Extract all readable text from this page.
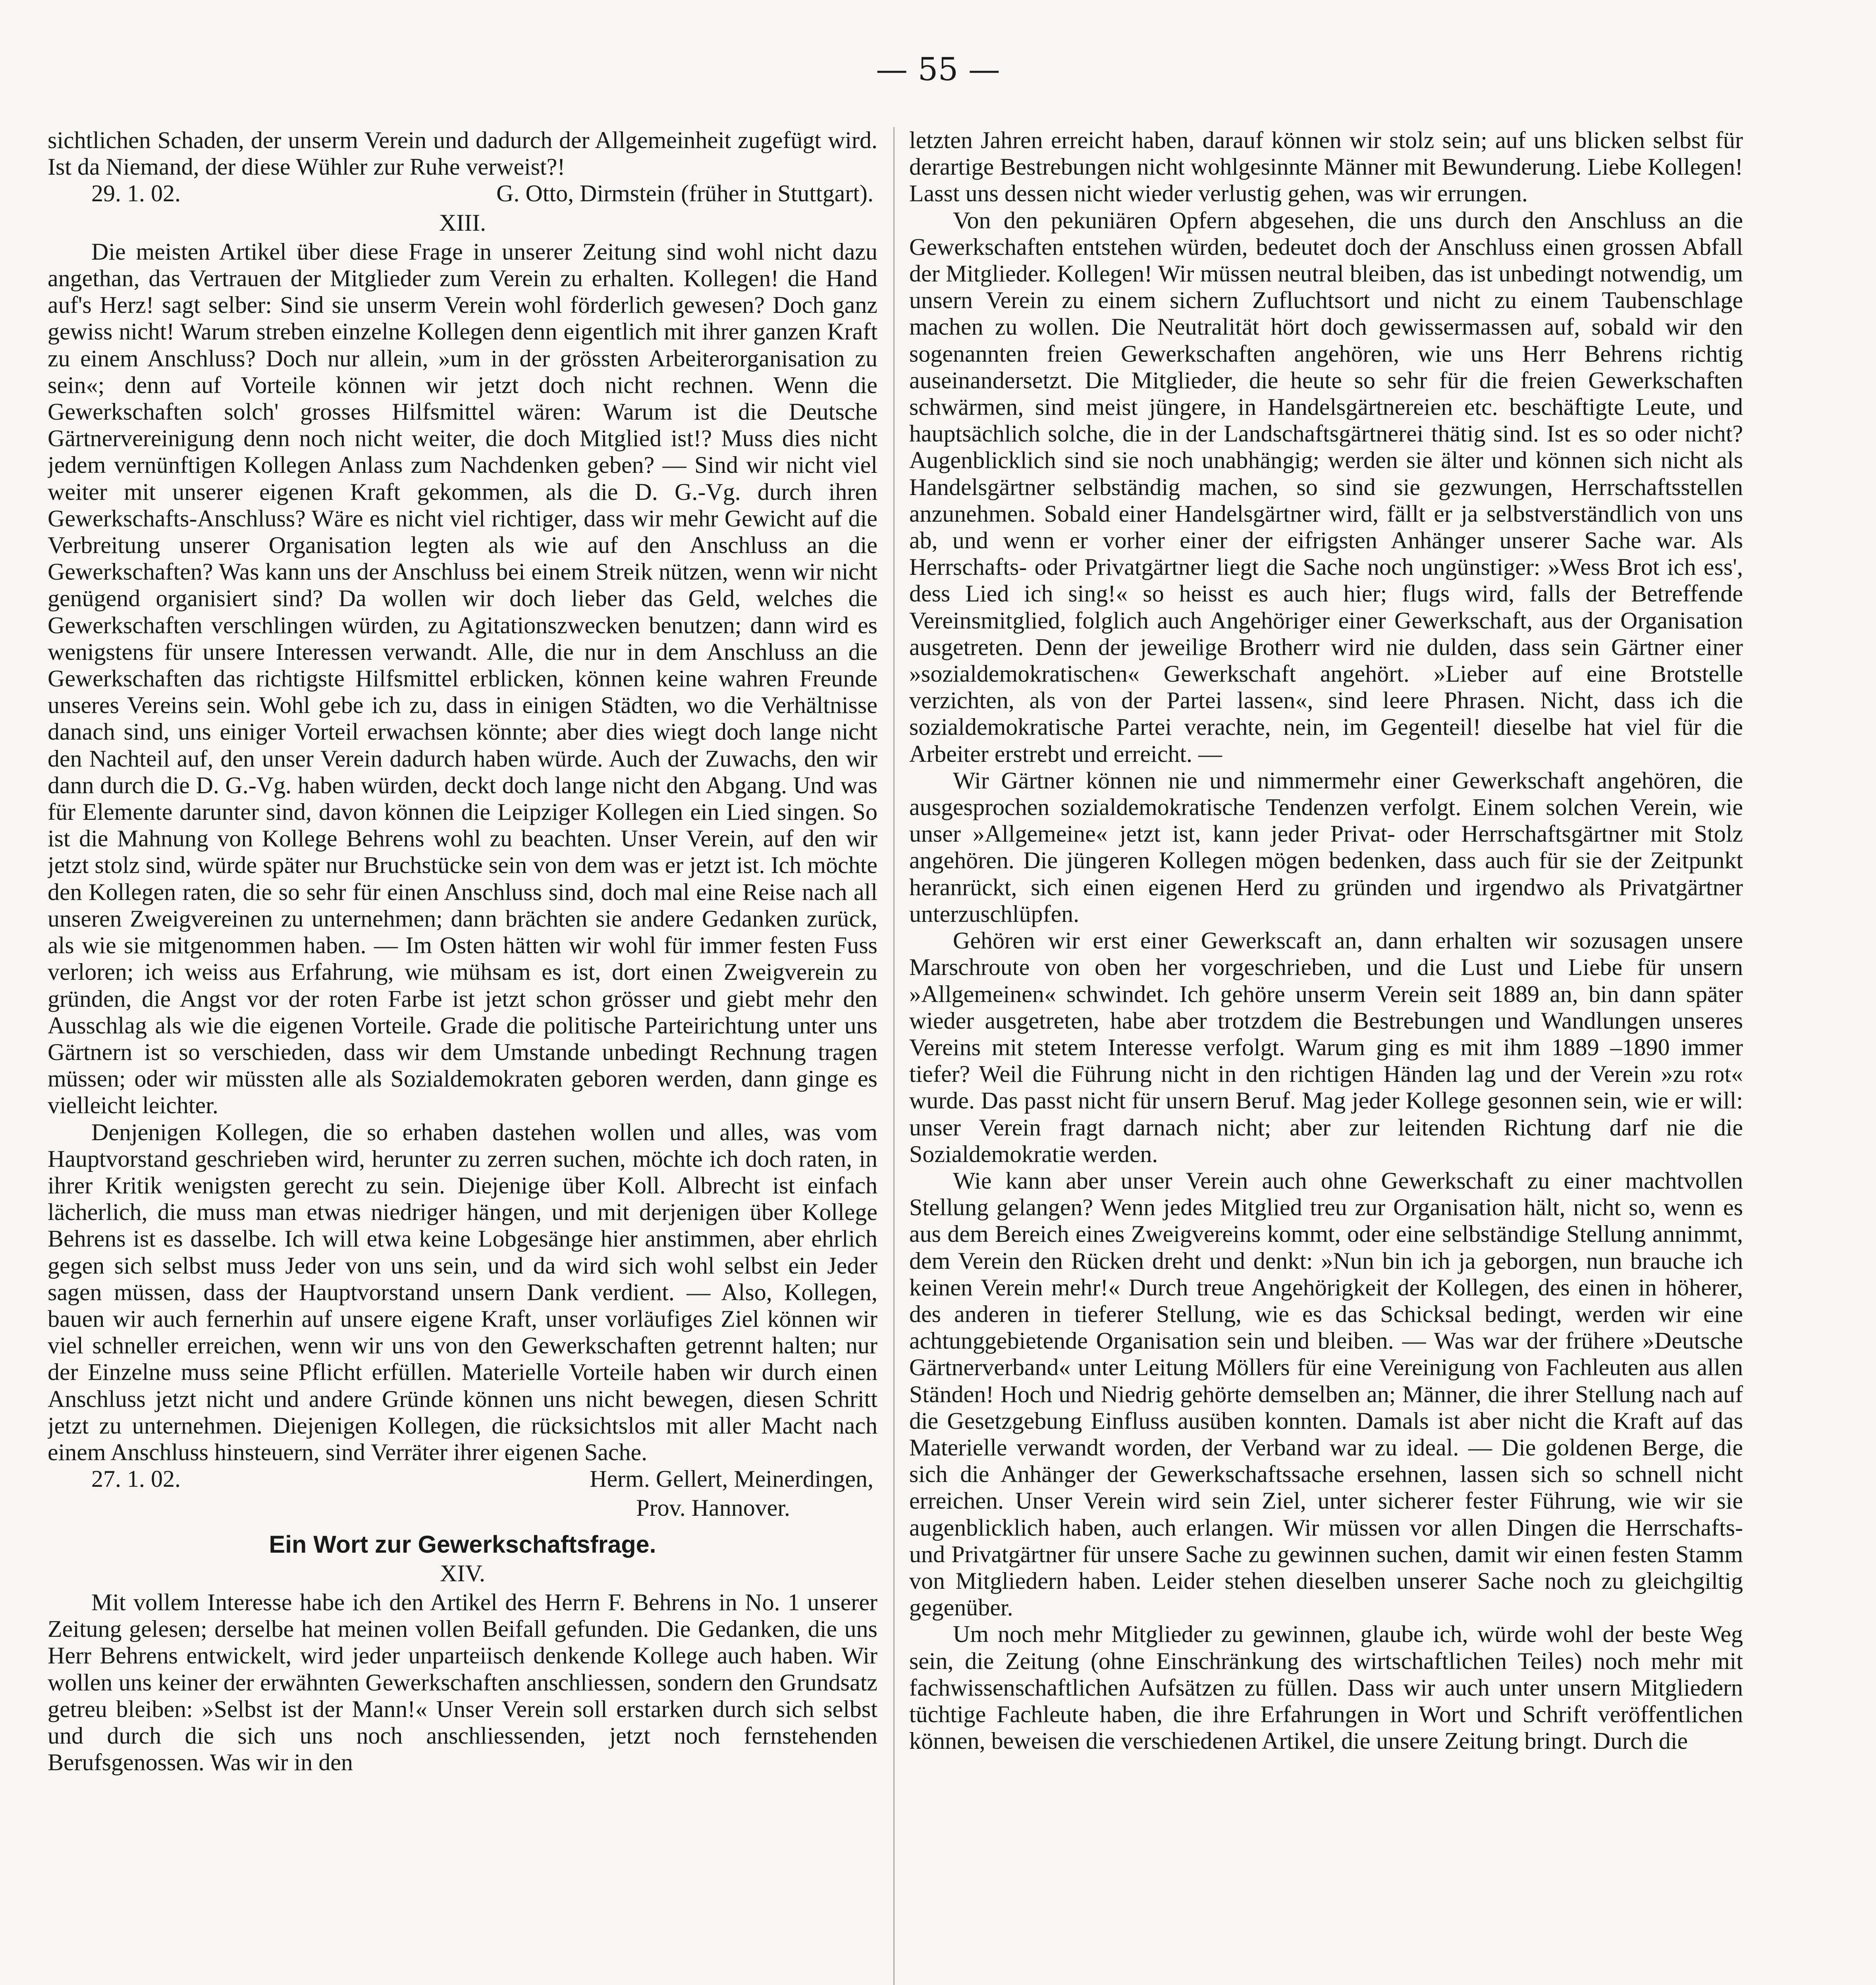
— 55 —

sichtlichen Schaden, der unserm Verein und dadurch der Allgemeinheit zugefügt wird. Ist da Niemand, der diese Wühler zur Ruhe verweist?!

29. 1. 02.	G. Otto, Dirmstein (früher in Stuttgart).
XIII.

Die meisten Artikel über diese Frage in unserer Zeitung sind wohl nicht dazu angethan, das Vertrauen der Mitglieder zum Verein zu erhalten. Kollegen! die Hand auf's Herz! sagt selber: Sind sie unserm Verein wohl förderlich gewesen? Doch ganz gewiss nicht! Warum streben einzelne Kollegen denn eigentlich mit ihrer ganzen Kraft zu einem Anschluss? Doch nur allein, »um in der grössten Arbeiterorganisation zu sein«; denn auf Vorteile können wir jetzt doch nicht rechnen. Wenn die Gewerkschaften solch' grosses Hilfsmittel wären: Warum ist die Deutsche Gärtnervereinigung denn noch nicht weiter, die doch Mitglied ist!? Muss dies nicht jedem vernünftigen Kollegen Anlass zum Nachdenken geben? — Sind wir nicht viel weiter mit unserer eigenen Kraft gekommen, als die D. G.-Vg. durch ihren Gewerkschafts-Anschluss? Wäre es nicht viel richtiger, dass wir mehr Gewicht auf die Verbreitung unserer Organisation legten als wie auf den Anschluss an die Gewerkschaften? Was kann uns der Anschluss bei einem Streik nützen, wenn wir nicht genügend organisiert sind? Da wollen wir doch lieber das Geld, welches die Gewerkschaften verschlingen würden, zu Agitationszwecken benutzen; dann wird es wenigstens für unsere Interessen verwandt. Alle, die nur in dem Anschluss an die Gewerkschaften das richtigste Hilfsmittel erblicken, können keine wahren Freunde unseres Vereins sein. Wohl gebe ich zu, dass in einigen Städten, wo die Verhältnisse danach sind, uns einiger Vorteil erwachsen könnte; aber dies wiegt doch lange nicht den Nachteil auf, den unser Verein dadurch haben würde. Auch der Zuwachs, den wir dann durch die D. G.-Vg. haben würden, deckt doch lange nicht den Abgang. Und was für Elemente darunter sind, davon können die Leipziger Kollegen ein Lied singen. So ist die Mahnung von Kollege Behrens wohl zu beachten. Unser Verein, auf den wir jetzt stolz sind, würde später nur Bruchstücke sein von dem was er jetzt ist. Ich möchte den Kollegen raten, die so sehr für einen Anschluss sind, doch mal eine Reise nach all unseren Zweigvereinen zu unternehmen; dann brächten sie andere Gedanken zurück, als wie sie mitgenommen haben. — Im Osten hätten wir wohl für immer festen Fuss verloren; ich weiss aus Erfahrung, wie mühsam es ist, dort einen Zweigverein zu gründen, die Angst vor der roten Farbe ist jetzt schon grösser und giebt mehr den Ausschlag als wie die eigenen Vorteile. Grade die politische Parteirichtung unter uns Gärtnern ist so verschieden, dass wir dem Umstande unbedingt Rechnung tragen müssen; oder wir müssten alle als Sozialdemokraten geboren werden, dann ginge es vielleicht leichter.

Denjenigen Kollegen, die so erhaben dastehen wollen und alles, was vom Hauptvorstand geschrieben wird, herunter zu zerren suchen, möchte ich doch raten, in ihrer Kritik wenigsten gerecht zu sein. Diejenige über Koll. Albrecht ist einfach lächerlich, die muss man etwas niedriger hängen, und mit derjenigen über Kollege Behrens ist es dasselbe. Ich will etwa keine Lobgesänge hier anstimmen, aber ehrlich gegen sich selbst muss Jeder von uns sein, und da wird sich wohl selbst ein Jeder sagen müssen, dass der Hauptvorstand unsern Dank verdient. — Also, Kollegen, bauen wir auch fernerhin auf unsere eigene Kraft, unser vorläufiges Ziel können wir viel schneller erreichen, wenn wir uns von den Gewerkschaften getrennt halten; nur der Einzelne muss seine Pflicht erfüllen. Materielle Vorteile haben wir durch einen Anschluss jetzt nicht und andere Gründe können uns nicht bewegen, diesen Schritt jetzt zu unternehmen. Diejenigen Kollegen, die rücksichtslos mit aller Macht nach einem Anschluss hinsteuern, sind Verräter ihrer eigenen Sache.

27. 1. 02.	Herm. Gellert, Meinerdingen,
Prov. Hannover.
Ein Wort zur Gewerkschaftsfrage.
XIV.

Mit vollem Interesse habe ich den Artikel des Herrn F. Behrens in No. 1 unserer Zeitung gelesen; derselbe hat meinen vollen Beifall gefunden. Die Gedanken, die uns Herr Behrens entwickelt, wird jeder unparteiisch denkende Kollege auch haben. Wir wollen uns keiner der erwähnten Gewerkschaften anschliessen, sondern den Grundsatz getreu bleiben: »Selbst ist der Mann!« Unser Verein soll erstarken durch sich selbst und durch die sich uns noch anschliessenden, jetzt noch fernstehenden Berufsgenossen. Was wir in den

letzten Jahren erreicht haben, darauf können wir stolz sein; auf uns blicken selbst für derartige Bestrebungen nicht wohlgesinnte Männer mit Bewunderung. Liebe Kollegen! Lasst uns dessen nicht wieder verlustig gehen, was wir errungen.

Von den pekuniären Opfern abgesehen, die uns durch den Anschluss an die Gewerkschaften entstehen würden, bedeutet doch der Anschluss einen grossen Abfall der Mitglieder. Kollegen! Wir müssen neutral bleiben, das ist unbedingt notwendig, um unsern Verein zu einem sichern Zufluchtsort und nicht zu einem Taubenschlage machen zu wollen. Die Neutralität hört doch gewissermassen auf, sobald wir den sogenannten freien Gewerkschaften angehören, wie uns Herr Behrens richtig auseinandersetzt. Die Mitglieder, die heute so sehr für die freien Gewerkschaften schwärmen, sind meist jüngere, in Handelsgärtnereien etc. beschäftigte Leute, und hauptsächlich solche, die in der Landschaftsgärtnerei thätig sind. Ist es so oder nicht? Augenblicklich sind sie noch unabhängig; werden sie älter und können sich nicht als Handelsgärtner selbständig machen, so sind sie gezwungen, Herrschaftsstellen anzunehmen. Sobald einer Handelsgärtner wird, fällt er ja selbstverständlich von uns ab, und wenn er vorher einer der eifrigsten Anhänger unserer Sache war. Als Herrschafts- oder Privatgärtner liegt die Sache noch ungünstiger: »Wess Brot ich ess', dess Lied ich sing!« so heisst es auch hier; flugs wird, falls der Betreffende Vereinsmitglied, folglich auch Angehöriger einer Gewerkschaft, aus der Organisation ausgetreten. Denn der jeweilige Brotherr wird nie dulden, dass sein Gärtner einer »sozialdemokratischen« Gewerkschaft angehört. »Lieber auf eine Brotstelle verzichten, als von der Partei lassen«, sind leere Phrasen. Nicht, dass ich die sozialdemokratische Partei verachte, nein, im Gegenteil! dieselbe hat viel für die Arbeiter erstrebt und erreicht. —

Wir Gärtner können nie und nimmermehr einer Gewerkschaft angehören, die ausgesprochen sozialdemokratische Tendenzen verfolgt. Einem solchen Verein, wie unser »Allgemeine« jetzt ist, kann jeder Privat- oder Herrschaftsgärtner mit Stolz angehören. Die jüngeren Kollegen mögen bedenken, dass auch für sie der Zeitpunkt heranrückt, sich einen eigenen Herd zu gründen und irgendwo als Privatgärtner unterzuschlüpfen.

Gehören wir erst einer Gewerkscaft an, dann erhalten wir sozusagen unsere Marschroute von oben her vorgeschrieben, und die Lust und Liebe für unsern »Allgemeinen« schwindet. Ich gehöre unserm Verein seit 1889 an, bin dann später wieder ausgetreten, habe aber trotzdem die Bestrebungen und Wandlungen unseres Vereins mit stetem Interesse verfolgt. Warum ging es mit ihm 1889 –1890 immer tiefer? Weil die Führung nicht in den richtigen Händen lag und der Verein »zu rot« wurde. Das passt nicht für unsern Beruf. Mag jeder Kollege gesonnen sein, wie er will: unser Verein fragt darnach nicht; aber zur leitenden Richtung darf nie die Sozialdemokratie werden.

Wie kann aber unser Verein auch ohne Gewerkschaft zu einer machtvollen Stellung gelangen? Wenn jedes Mitglied treu zur Organisation hält, nicht so, wenn es aus dem Bereich eines Zweigvereins kommt, oder eine selbständige Stellung annimmt, dem Verein den Rücken dreht und denkt: »Nun bin ich ja geborgen, nun brauche ich keinen Verein mehr!« Durch treue Angehörigkeit der Kollegen, des einen in höherer, des anderen in tieferer Stellung, wie es das Schicksal bedingt, werden wir eine achtunggebietende Organisation sein und bleiben. — Was war der frühere »Deutsche Gärtnerverband« unter Leitung Möllers für eine Vereinigung von Fachleuten aus allen Ständen! Hoch und Niedrig gehörte demselben an; Männer, die ihrer Stellung nach auf die Gesetzgebung Einfluss ausüben konnten. Damals ist aber nicht die Kraft auf das Materielle verwandt worden, der Verband war zu ideal. — Die goldenen Berge, die sich die Anhänger der Gewerkschaftssache ersehnen, lassen sich so schnell nicht erreichen. Unser Verein wird sein Ziel, unter sicherer fester Führung, wie wir sie augenblicklich haben, auch erlangen. Wir müssen vor allen Dingen die Herrschafts- und Privatgärtner für unsere Sache zu gewinnen suchen, damit wir einen festen Stamm von Mitgliedern haben. Leider stehen dieselben unserer Sache noch zu gleichgiltig gegenüber.

Um noch mehr Mitglieder zu gewinnen, glaube ich, würde wohl der beste Weg sein, die Zeitung (ohne Einschränkung des wirtschaftlichen Teiles) noch mehr mit fachwissenschaftlichen Aufsätzen zu füllen. Dass wir auch unter unsern Mitgliedern tüchtige Fachleute haben, die ihre Erfahrungen in Wort und Schrift veröffentlichen können, beweisen die verschiedenen Artikel, die unsere Zeitung bringt. Durch die
